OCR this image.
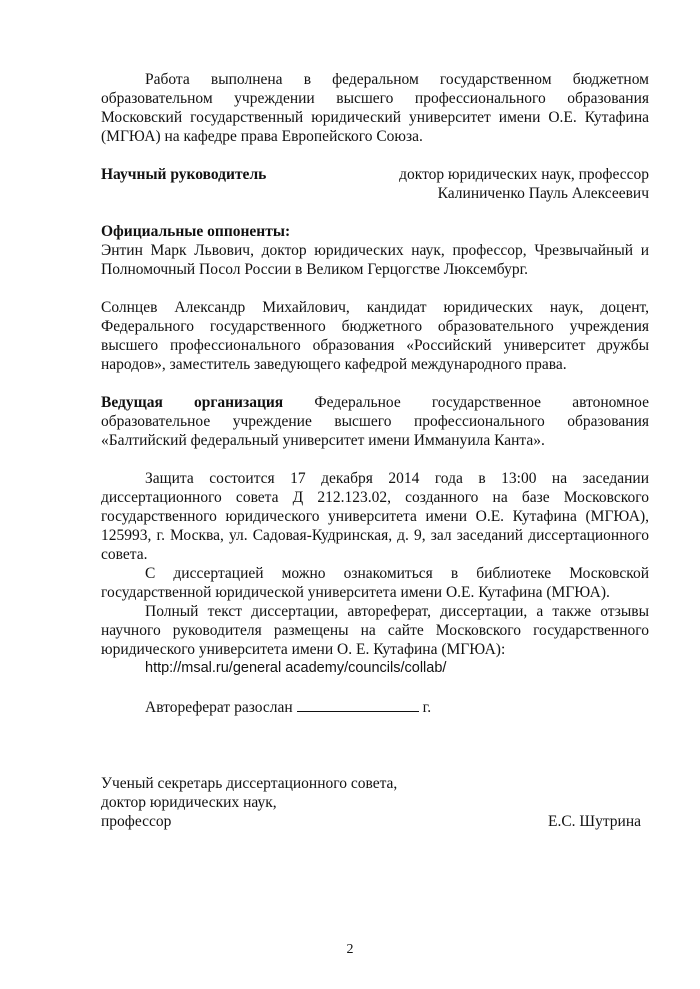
Работа выполнена в федеральном государственном бюджетном образовательном учреждении высшего профессионального образования Московский государственный юридический университет имени О.Е. Кутафина (МГЮА) на кафедре права Европейского Союза.

Научный руководитель	доктор юридических наук, профессор
Калиниченко Пауль Алексеевич
Официальные оппоненты:

Энтин Марк Львович, доктор юридических наук, профессор, Чрезвычайный и Полномочный Посол России в Великом Герцогстве Люксембург.

Солнцев Александр Михайлович, кандидат юридических наук, доцент, Федерального государственного бюджетного образовательного учреждения высшего профессионального образования «Российский университет дружбы народов», заместитель заведующего кафедрой международного права.

Ведущая организация Федеральное государственное автономное образовательное учреждение высшего профессионального образования «Балтийский федеральный университет имени Иммануила Канта».

Защита состоится 17 декабря 2014 года в 13:00 на заседании диссертационного совета Д 212.123.02, созданного на базе Московского государственного юридического университета имени О.Е. Кутафина (МГЮА), 125993, г. Москва, ул. Садовая-Кудринская, д. 9, зал заседаний диссертационного совета.

С диссертацией можно ознакомиться в библиотеке Московской государственной юридической университета имени О.Е. Кутафина (МГЮА).

Полный текст диссертации, автореферат, диссертации, а также отзывы научного руководителя размещены на сайте Московского государственного юридического университета имени О. Е. Кутафина (МГЮА):

http://msal.ru/general academy/councils/collab/
Автореферат разослан	г.
Ученый секретарь диссертационного совета,
доктор юридических наук,
профессор	Е.С. Шутрина
2
